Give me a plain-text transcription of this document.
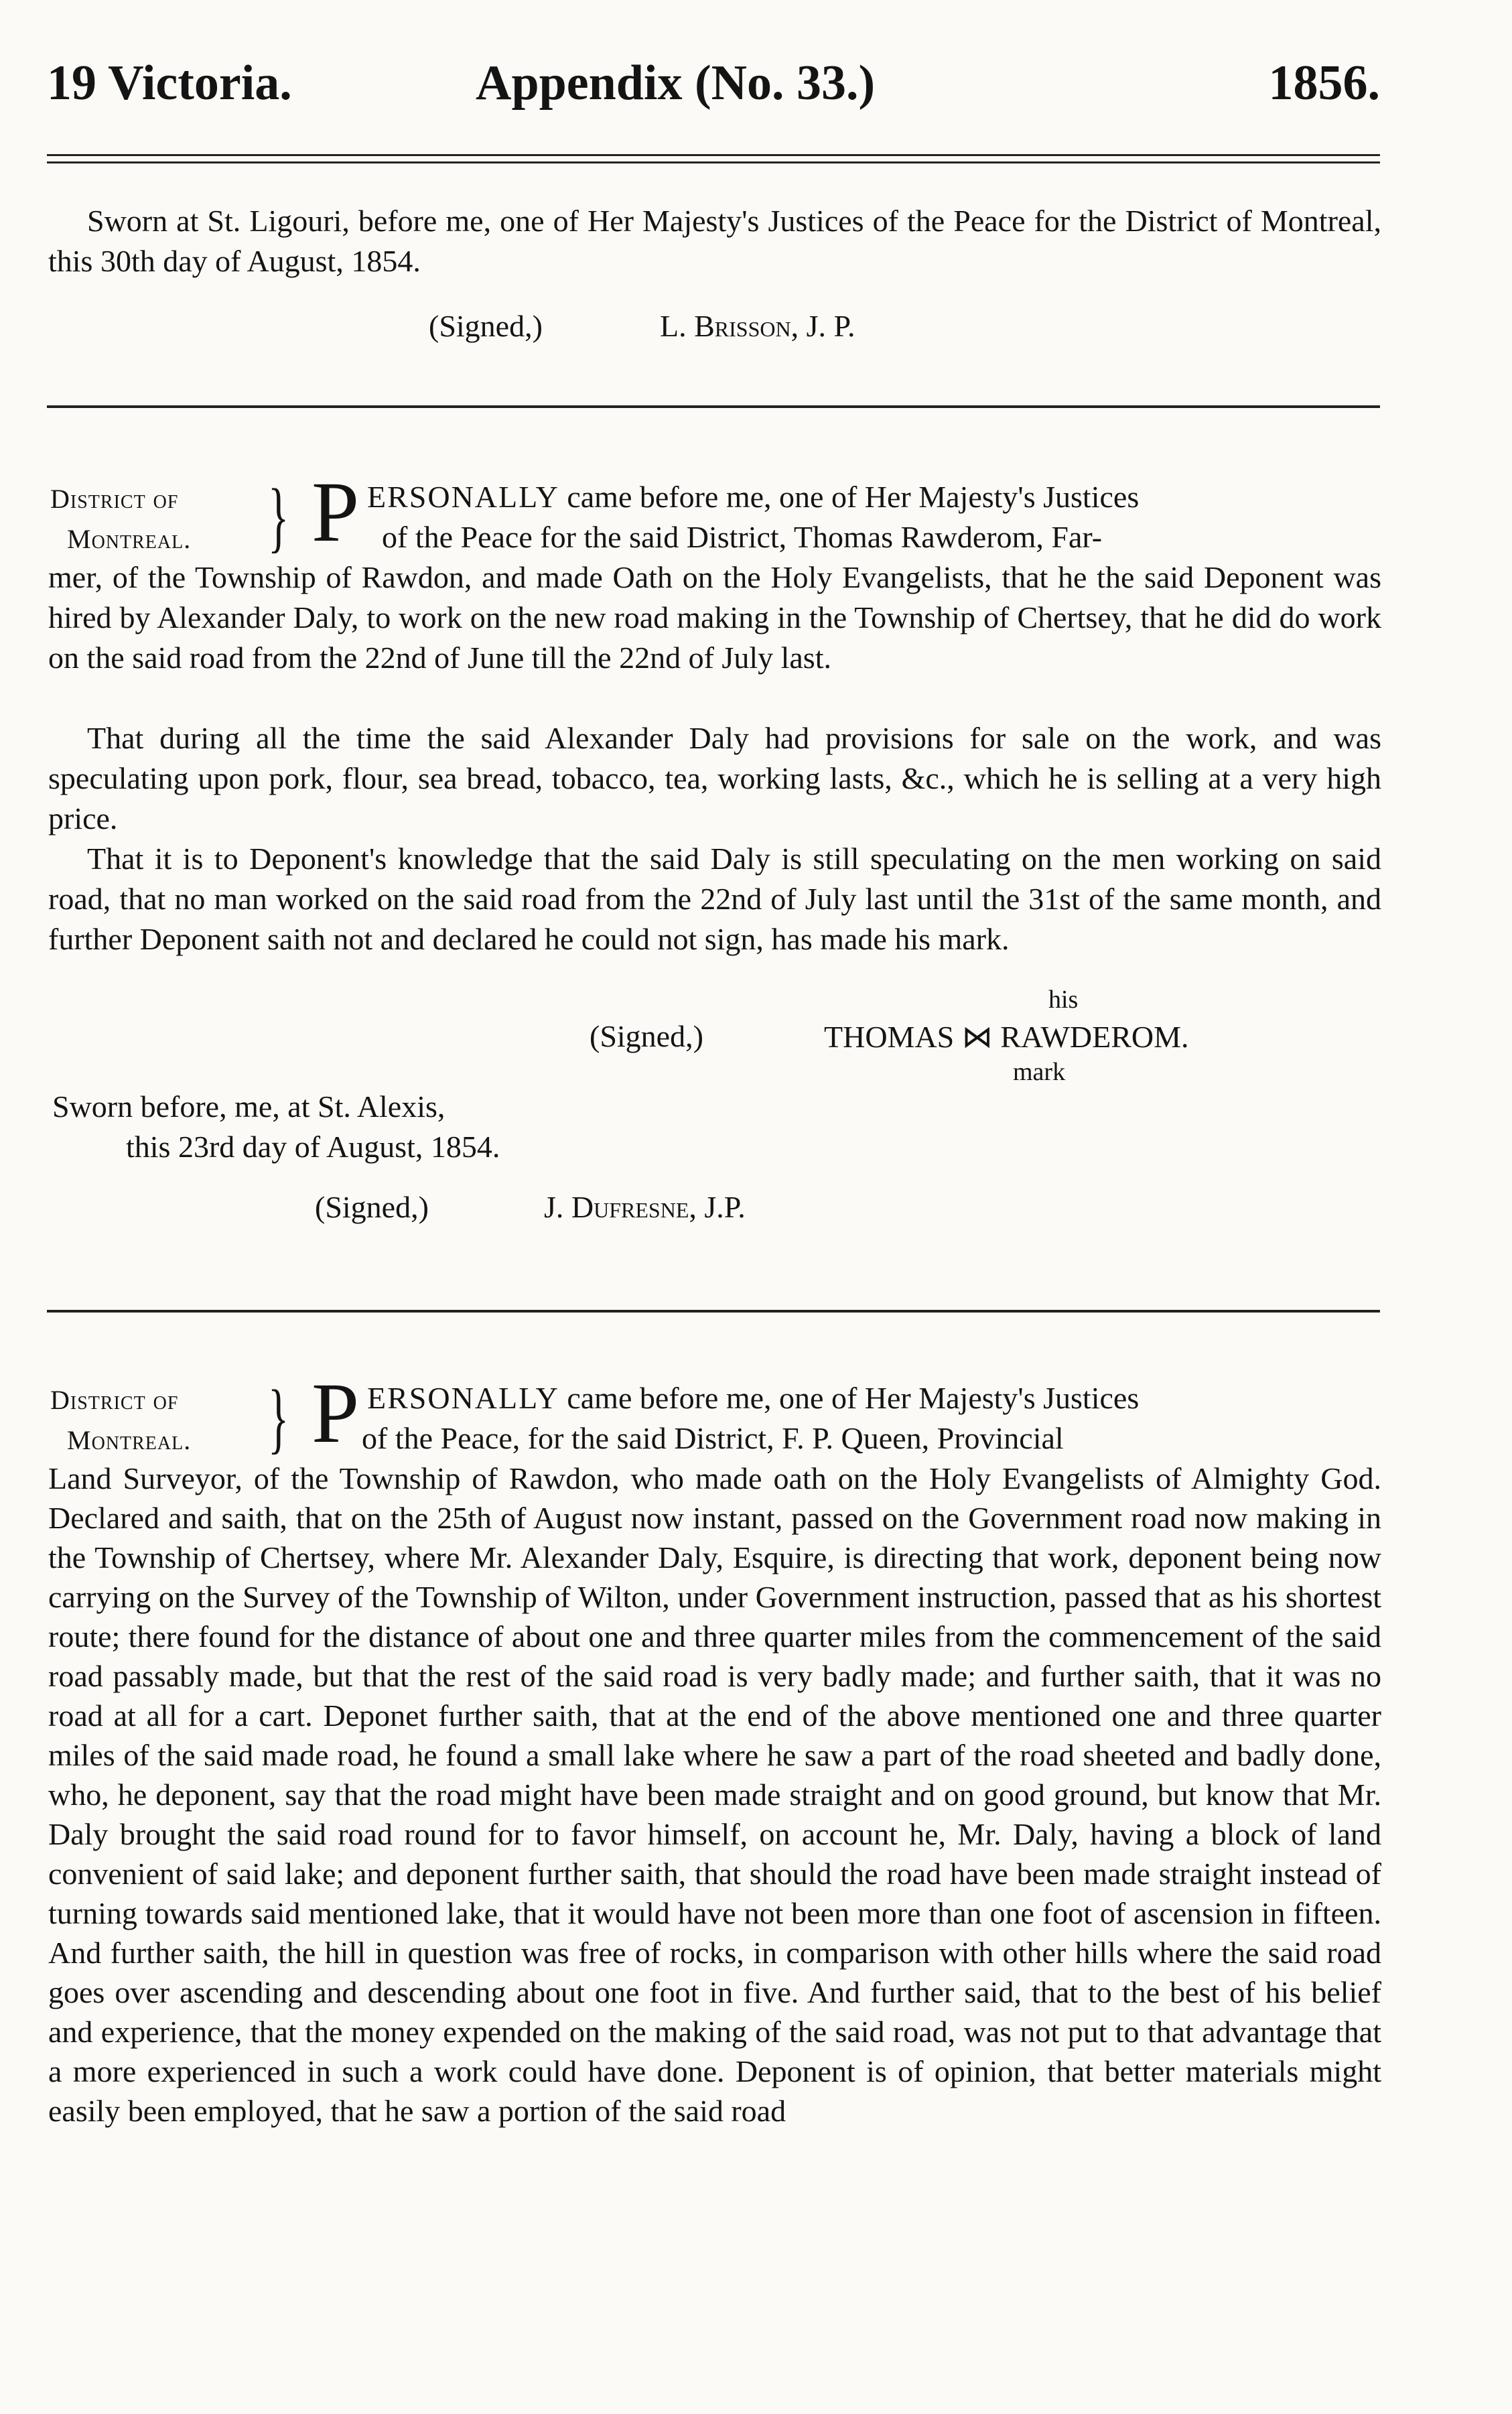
19 Victoria.	Appendix (No. 33.)	1856.
Sworn at St. Ligouri, before me, one of Her Majesty's Justices of the Peace for the District of Montreal, this 30th day of August, 1854.
(Signed,)	L. Brisson, J. P.
District of
Montreal. } P ERSONALLY came before me, one of Her Majesty's Justices
of the Peace for the said District, Thomas Rawderom, Far-
mer, of the Township of Rawdon, and made Oath on the Holy Evangelists, that he the said Deponent was hired by Alexander Daly, to work on the new road making in the Township of Chertsey, that he did do work on the said road from the 22nd of June till the 22nd of July last.
That during all the time the said Alexander Daly had provisions for sale on the work, and was speculating upon pork, flour, sea bread, tobacco, tea, working lasts, &c., which he is selling at a very high price.
That it is to Deponent's knowledge that the said Daly is still speculating on the men working on said road, that no man worked on the said road from the 22nd of July last until the 31st of the same month, and further Deponent saith not and declared he could not sign, has made his mark.
his
(Signed,)	THOMAS ⋈ RAWDEROM.
mark
Sworn before, me, at St. Alexis,
this 23rd day of August, 1854.
(Signed,)	J. Dufresne, J.P.
District of
Montreal. } P ERSONALLY came before me, one of Her Majesty's Justices
of the Peace, for the said District, F. P. Queen, Provincial
Land Surveyor, of the Township of Rawdon, who made oath on the Holy Evangelists of Almighty God. Declared and saith, that on the 25th of August now instant, passed on the Government road now making in the Township of Chertsey, where Mr. Alexander Daly, Esquire, is directing that work, deponent being now carrying on the Survey of the Township of Wilton, under Government instruction, passed that as his shortest route; there found for the distance of about one and three quarter miles from the commencement of the said road passably made, but that the rest of the said road is very badly made; and further saith, that it was no road at all for a cart. Deponet further saith, that at the end of the above mentioned one and three quarter miles of the said made road, he found a small lake where he saw a part of the road sheeted and badly done, who, he deponent, say that the road might have been made straight and on good ground, but know that Mr. Daly brought the said road round for to favor himself, on account he, Mr. Daly, having a block of land convenient of said lake; and deponent further saith, that should the road have been made straight instead of turning towards said mentioned lake, that it would have not been more than one foot of ascension in fifteen. And further saith, the hill in question was free of rocks, in comparison with other hills where the said road goes over ascending and descending about one foot in five. And further said, that to the best of his belief and experience, that the money expended on the making of the said road, was not put to that advantage that a more experienced in such a work could have done. Deponent is of opinion, that better materials might easily been employed, that he saw a portion of the said road
